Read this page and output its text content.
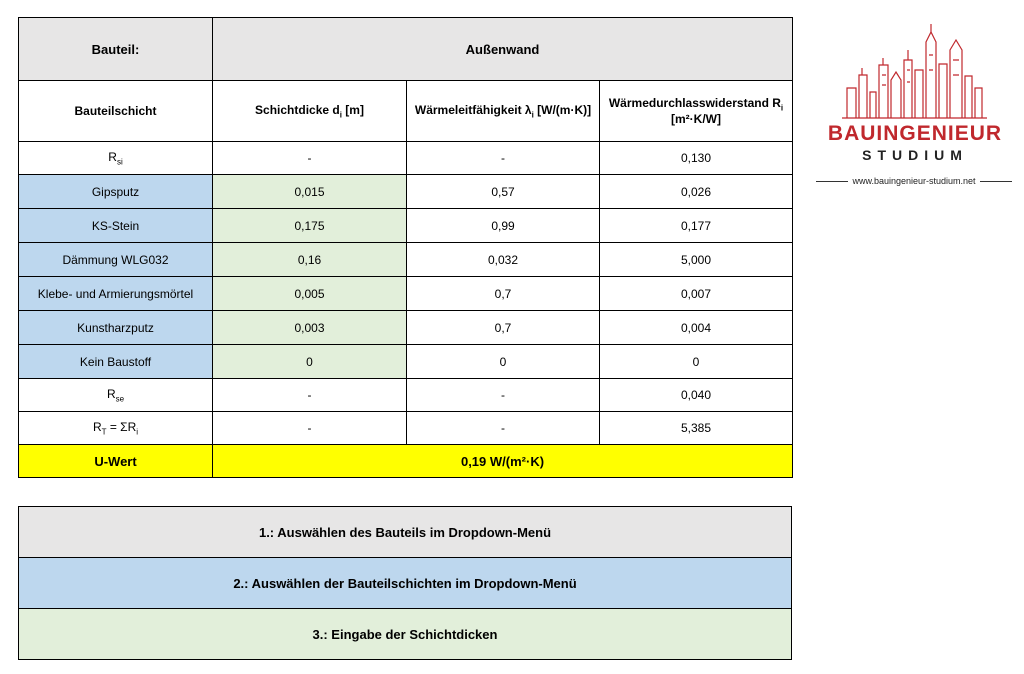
Bauteil:	Außenwand		
Bauteilschicht	Schichtdicke $d_i$ [m]	Wärmeleitfähigkeit $\lambda_i$ [W/(m·K)]	Wärmedurchlasswiderstand $R_i$
[m²·K/W]
$R_{si}$	-	-	0,130
Gipsputz	0,015	0,57	0,026
KS-Stein	0,175	0,99	0,177
Dämmung WLG032	0,16	0,032	5,000
Klebe- und Armierungsmörtel	0,005	0,7	0,007
Kunstharzputz	0,003	0,7	0,004
Kein Baustoff	0	0	0
$R_{se}$	-	-	0,040
$R_T = \Sigma R_i$	-	-	5,385
U-Wert	0,19 W/(m²·K)		
1.: Auswählen des Bauteils im Dropdown-Menü
2.: Auswählen der Bauteilschichten im Dropdown-Menü
3.: Eingabe der Schichtdicken
BAUINGENIEUR
STUDIUM
www.bauingenieur-studium.net
